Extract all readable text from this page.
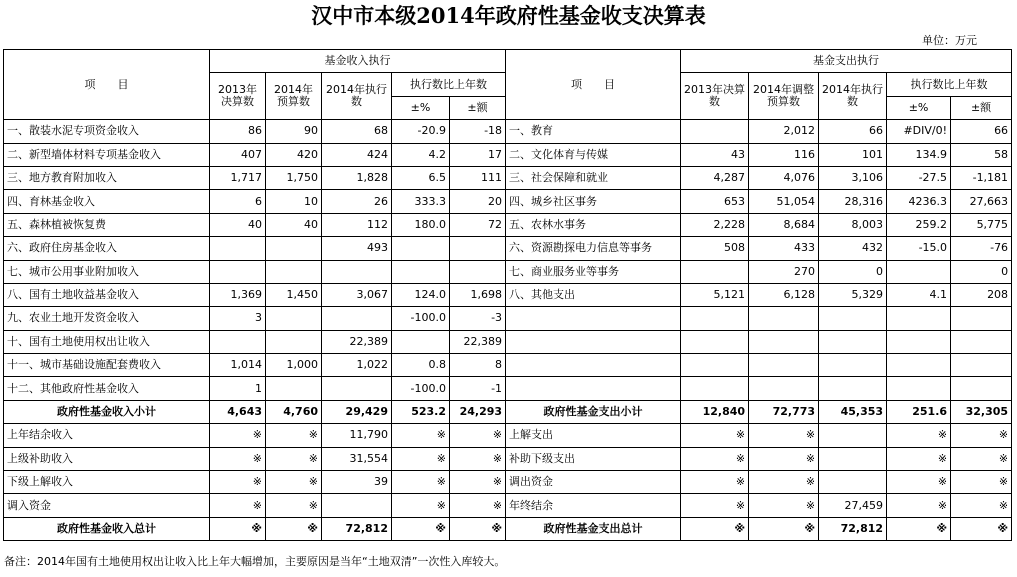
汉中市本级2014年政府性基金收支决算表
单位：万元
项　　目	基金收入执行					项　　目	基金支出执行				
	2013年决算数	2014年预算数	2014年执行数	执行数比上年数			2013年决算数	2014年调整预算数	2014年执行数	执行数比上年数	
				±%	±额					±%	±额
一、散装水泥专项资金收入	86	90	68	-20.9	-18	一、教育		2,012	66	#DIV/0!	66
二、新型墙体材料专项基金收入	407	420	424	4.2	17	二、文化体育与传媒	43	116	101	134.9	58
三、地方教育附加收入	1,717	1,750	1,828	6.5	111	三、社会保障和就业	4,287	4,076	3,106	-27.5	-1,181
四、育林基金收入	6	10	26	333.3	20	四、城乡社区事务	653	51,054	28,316	4236.3	27,663
五、森林植被恢复费	40	40	112	180.0	72	五、农林水事务	2,228	8,684	8,003	259.2	5,775
六、政府住房基金收入			493			六、资源勘探电力信息等事务	508	433	432	-15.0	-76
七、城市公用事业附加收入						七、商业服务业等事务		270	0		0
八、国有土地收益基金收入	1,369	1,450	3,067	124.0	1,698	八、其他支出	5,121	6,128	5,329	4.1	208
九、农业土地开发资金收入	3			-100.0	-3						
十、国有土地使用权出让收入			22,389		22,389						
十一、城市基础设施配套费收入	1,014	1,000	1,022	0.8	8						
十二、其他政府性基金收入	1			-100.0	-1						
政府性基金收入小计	4,643	4,760	29,429	523.2	24,293	政府性基金支出小计	12,840	72,773	45,353	251.6	32,305
上年结余收入	※	※	11,790	※	※	上解支出	※	※		※	※
上级补助收入	※	※	31,554	※	※	补助下级支出	※	※		※	※
下级上解收入	※	※	39	※	※	调出资金	※	※		※	※
调入资金	※	※		※	※	年终结余	※	※	27,459	※	※
政府性基金收入总计	※	※	72,812	※	※	政府性基金支出总计	※	※	72,812	※	※
备注：2014年国有土地使用权出让收入比上年大幅增加，主要原因是当年“土地双清”一次性入库较大。
